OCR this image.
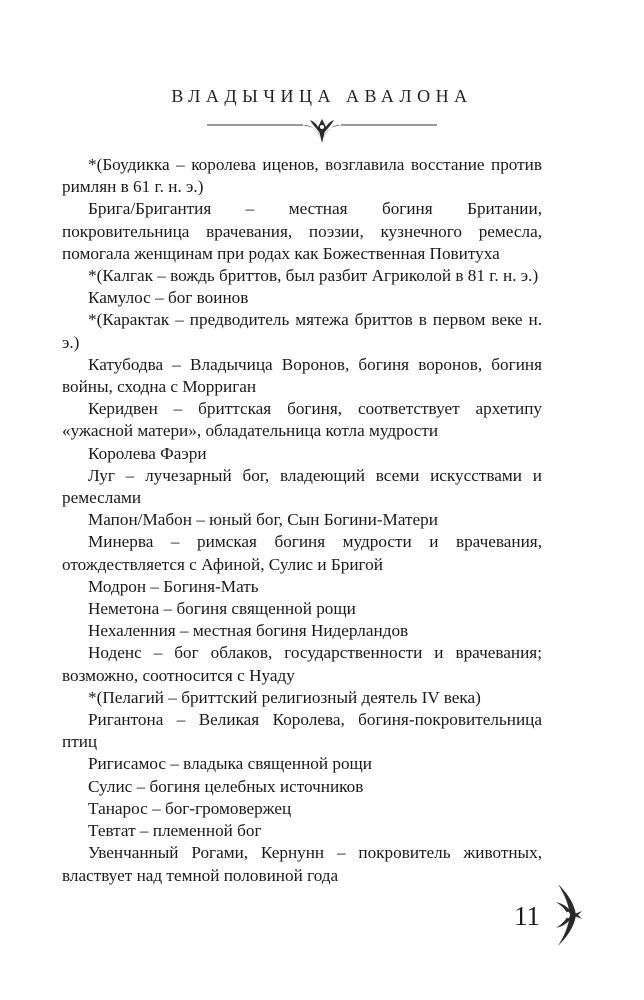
ВЛАДЫЧИЦА АВАЛОНА

*(Боудикка – королева иценов, возглавила восстание против римлян в 61 г. н. э.)

Брига/Бригантия – местная богиня Британии, покровительница врачевания, поэзии, кузнечного ремесла, помогала женщинам при родах как Божественная Повитуха

*(Калгак – вождь бриттов, был разбит Агриколой в 81 г. н. э.)

Камулос – бог воинов

*(Карактак – предводитель мятежа бриттов в первом веке н. э.)

Катубодва – Владычица Воронов, богиня воронов, богиня войны, сходна с Морриган

Керидвен – бриттская богиня, соответствует архетипу «ужасной матери», обладательница котла мудрости

Королева Фаэри

Луг – лучезарный бог, владеющий всеми искусствами и ремеслами

Мапон/Мабон – юный бог, Сын Богини-Матери

Минерва – римская богиня мудрости и врачевания, отождествляется с Афиной, Сулис и Бригой

Модрон – Богиня-Мать

Неметона – богиня священной рощи

Нехаленния – местная богиня Нидерландов

Ноденс – бог облаков, государственности и врачевания; возможно, соотносится с Нуаду

*(Пелагий – бриттский религиозный деятель IV века)

Ригантона – Великая Королева, богиня-покровительница птиц

Ригисамос – владыка священной рощи

Сулис – богиня целебных источников

Танарос – бог-громовержец

Тевтат – племенной бог

Увенчанный Рогами, Кернунн – покровитель животных, властвует над темной половиной года

11
